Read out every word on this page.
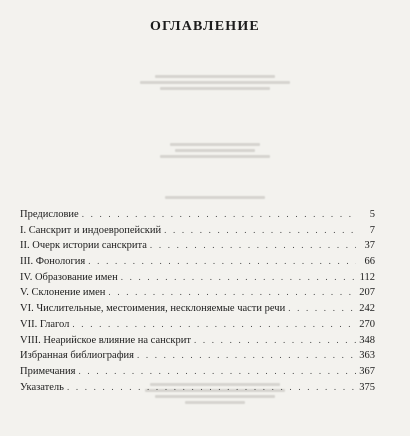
ОГЛАВЛЕНИЕ
Предисловие . . .	5
I. Санскрит и индоевропейский . . .	7
II. Очерк истории санскрита . . .	37
III. Фонология . . .	66
IV. Образование имен . . .	112
V. Склонение имен . . .	207
VI. Числительные, местоимения, несклоняемые части речи . . .	242
VII. Глагол . . .	270
VIII. Неарийское влияние на санскрит . . .	348
Избранная библиография . . .	363
Примечания . . .	367
Указатель . . .	375
